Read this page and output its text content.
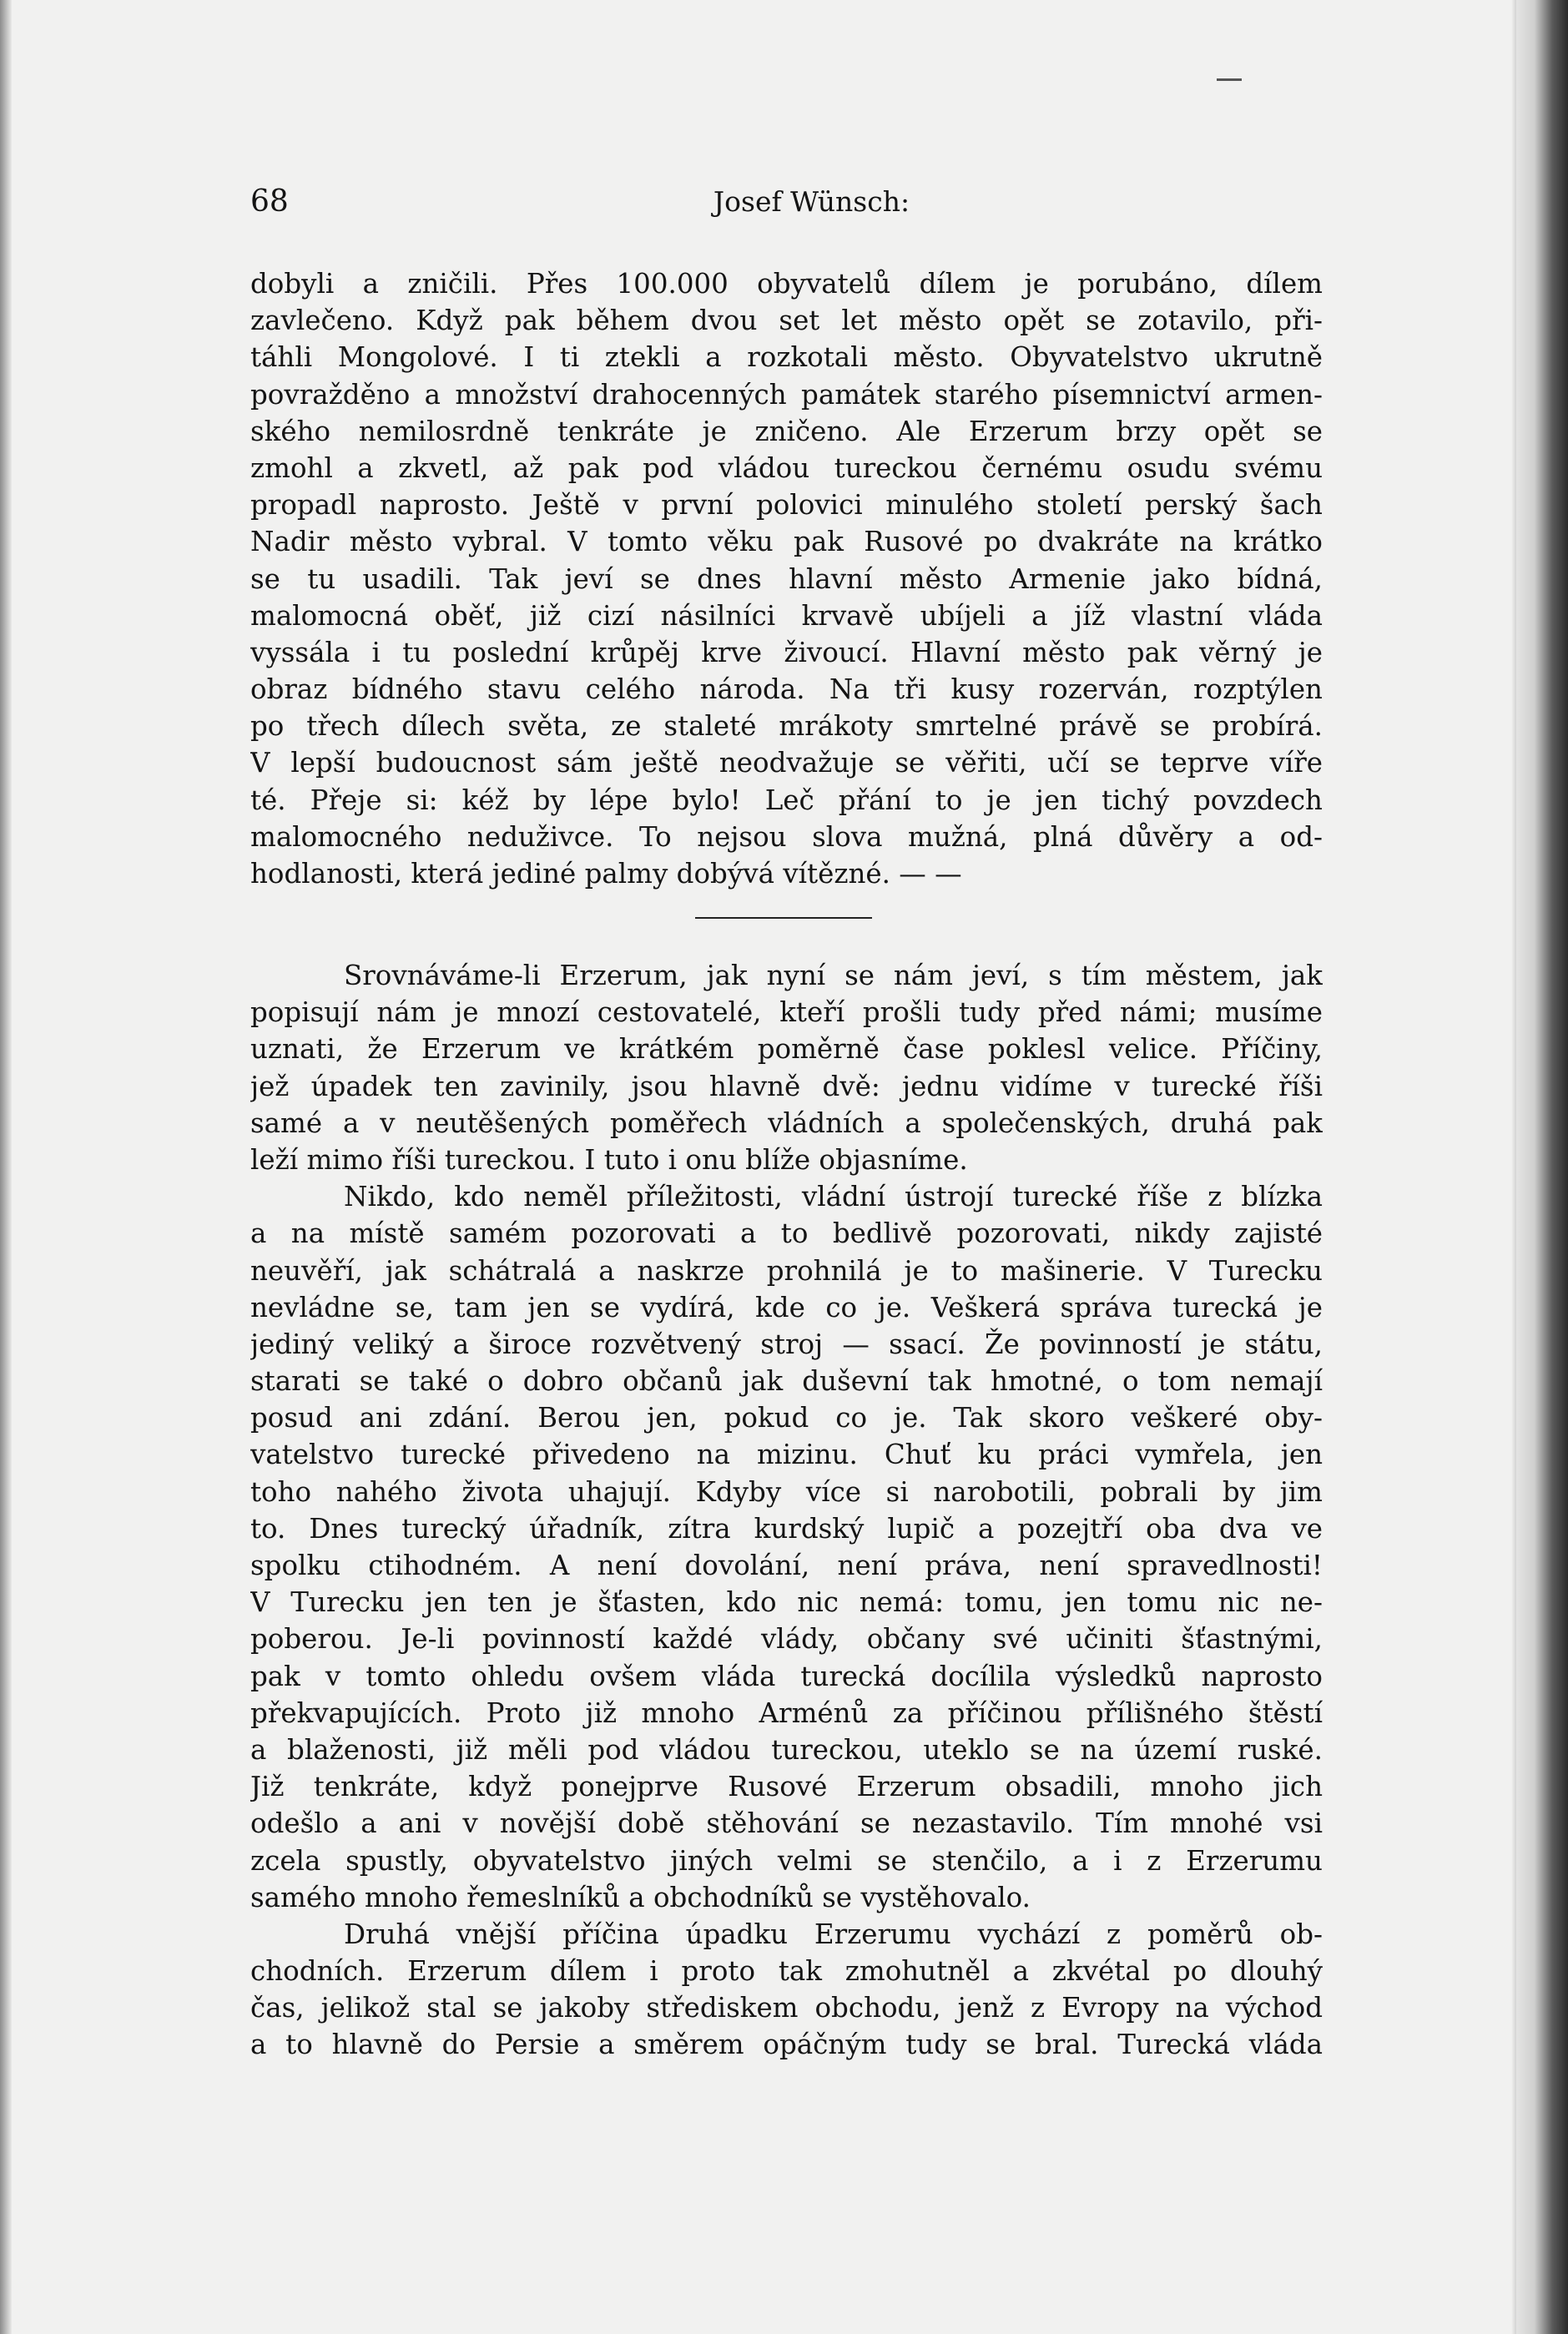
68	Josef Wünsch:
dobyli a zničili. Přes 100.000 obyvatelů dílem je porubáno, dílem
zavlečeno. Když pak během dvou set let město opět se zotavilo, při-
táhli Mongolové. I ti ztekli a rozkotali město. Obyvatelstvo ukrutně
povražděno a množství drahocenných památek starého písemnictví armen-
ského nemilosrdně tenkráte je zničeno. Ale Erzerum brzy opět se
zmohl a zkvetl, až pak pod vládou tureckou černému osudu svému
propadl naprosto. Ještě v první polovici minulého století perský šach
Nadir město vybral. V tomto věku pak Rusové po dvakráte na krátko
se tu usadili. Tak jeví se dnes hlavní město Armenie jako bídná,
malomocná oběť, již cizí násilníci krvavě ubíjeli a jíž vlastní vláda
vyssála i tu poslední krůpěj krve živoucí. Hlavní město pak věrný je
obraz bídného stavu celého národa. Na tři kusy rozerván, rozptýlen
po třech dílech světa, ze staleté mrákoty smrtelné právě se probírá.
V lepší budoucnost sám ještě neodvažuje se věřiti, učí se teprve víře
té. Přeje si: kéž by lépe bylo! Leč přání to je jen tichý povzdech
malomocného neduživce. To nejsou slova mužná, plná důvěry a od-
hodlanosti, která jediné palmy dobývá vítězné. — —
Srovnáváme-li Erzerum, jak nyní se nám jeví, s tím městem, jak
popisují nám je mnozí cestovatelé, kteří prošli tudy před námi; musíme
uznati, že Erzerum ve krátkém poměrně čase poklesl velice. Příčiny,
jež úpadek ten zavinily, jsou hlavně dvě: jednu vidíme v turecké říši
samé a v neutěšených poměřech vládních a společenských, druhá pak
leží mimo říši tureckou. I tuto i onu blíže objasníme.
Nikdo, kdo neměl příležitosti, vládní ústrojí turecké říše z blízka
a na místě samém pozorovati a to bedlivě pozorovati, nikdy zajisté
neuvěří, jak schátralá a naskrze prohnilá je to mašinerie. V Turecku
nevládne se, tam jen se vydírá, kde co je. Veškerá správa turecká je
jediný veliký a široce rozvětvený stroj — ssací. Že povinností je státu,
starati se také o dobro občanů jak duševní tak hmotné, o tom nemají
posud ani zdání. Berou jen, pokud co je. Tak skoro veškeré oby-
vatelstvo turecké přivedeno na mizinu. Chuť ku práci vymřela, jen
toho nahého života uhajují. Kdyby více si narobotili, pobrali by jim
to. Dnes turecký úřadník, zítra kurdský lupič a pozejtří oba dva ve
spolku ctihodném. A není dovolání, není práva, není spravedlnosti!
V Turecku jen ten je šťasten, kdo nic nemá: tomu, jen tomu nic ne-
poberou. Je-li povinností každé vlády, občany své učiniti šťastnými,
pak v tomto ohledu ovšem vláda turecká docílila výsledků naprosto
překvapujících. Proto již mnoho Arménů za příčinou přílišného štěstí
a blaženosti, již měli pod vládou tureckou, uteklo se na území ruské.
Již tenkráte, když ponejprve Rusové Erzerum obsadili, mnoho jich
odešlo a ani v novější době stěhování se nezastavilo. Tím mnohé vsi
zcela spustly, obyvatelstvo jiných velmi se stenčilo, a i z Erzerumu
samého mnoho řemeslníků a obchodníků se vystěhovalo.
Druhá vnější příčina úpadku Erzerumu vychází z poměrů ob-
chodních. Erzerum dílem i proto tak zmohutněl a zkvétal po dlouhý
čas, jelikož stal se jakoby střediskem obchodu, jenž z Evropy na východ
a to hlavně do Persie a směrem opáčným tudy se bral. Turecká vláda
